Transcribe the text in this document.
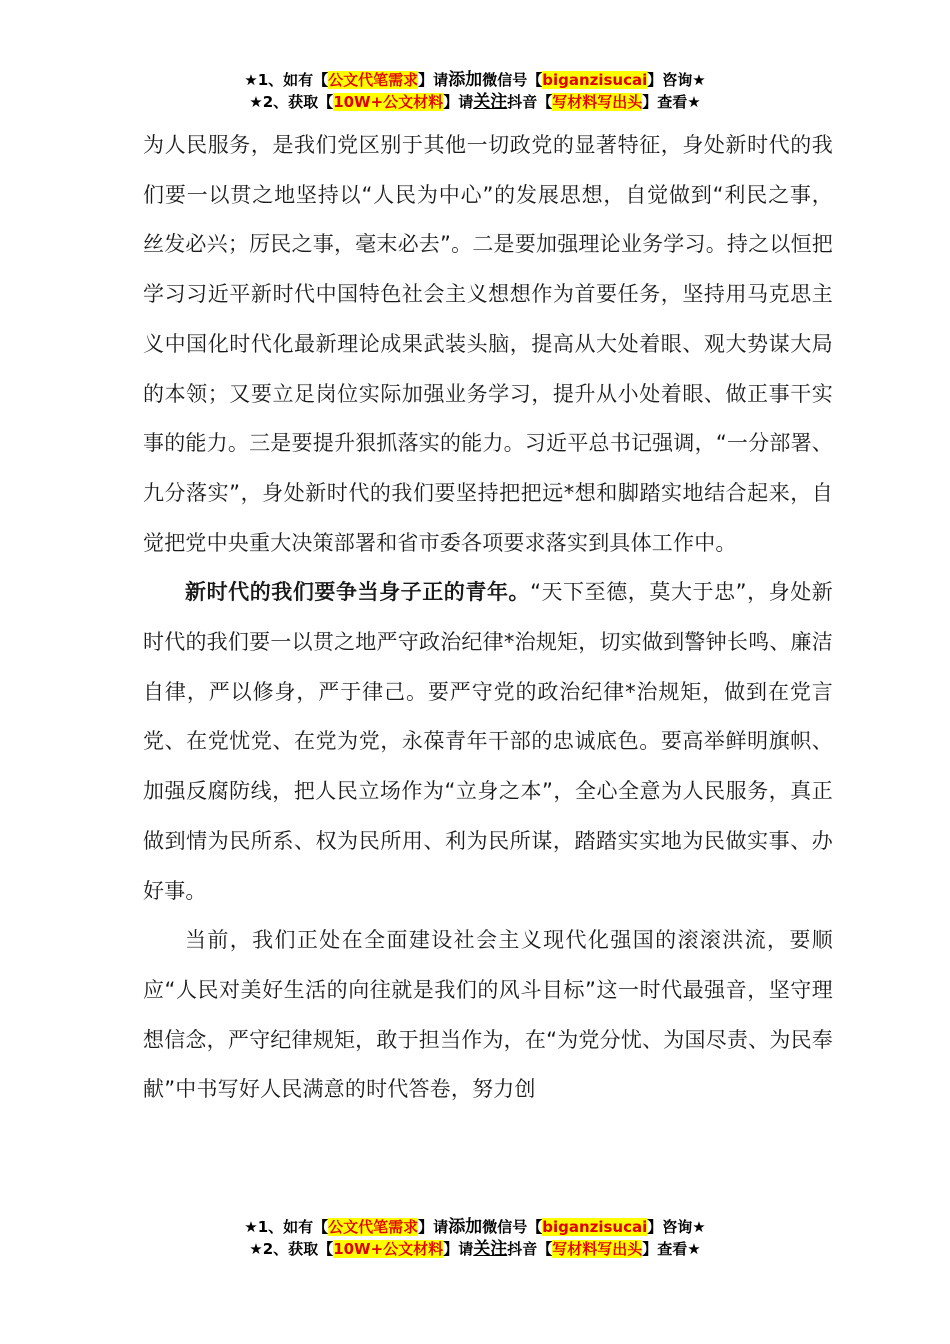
★1、如有【公文代笔需求】请添加微信号【biganzisucai】咨询★
★2、获取【10W+公文材料】请关注抖音【写材料写出头】查看★

为人民服务，是我们党区别于其他一切政党的显著特征，身处新时代的我们要一以贯之地坚持以“人民为中心”的发展思想，自觉做到“利民之事，丝发必兴；厉民之事，毫末必去”。二是要加强理论业务学习。持之以恒把学习习近平新时代中国特色社会主义想想作为首要任务，坚持用马克思主义中国化时代化最新理论成果武装头脑，提高从大处着眼、观大势谋大局的本领；又要立足岗位实际加强业务学习，提升从小处着眼、做正事干实事的能力。三是要提升狠抓落实的能力。习近平总书记强调，“一分部署、九分落实”，身处新时代的我们要坚持把把远*想和脚踏实地结合起来，自觉把党中央重大决策部署和省市委各项要求落实到具体工作中。

新时代的我们要争当身子正的青年。“天下至德，莫大于忠”，身处新时代的我们要一以贯之地严守政治纪律*治规矩，切实做到警钟长鸣、廉洁自律，严以修身，严于律己。要严守党的政治纪律*治规矩，做到在党言党、在党忧党、在党为党，永葆青年干部的忠诚底色。要高举鲜明旗帜、加强反腐防线，把人民立场作为“立身之本”，全心全意为人民服务，真正做到情为民所系、权为民所用、利为民所谋，踏踏实实地为民做实事、办好事。

当前，我们正处在全面建设社会主义现代化强国的滚滚洪流，要顺应“人民对美好生活的向往就是我们的风斗目标”这一时代最强音，坚守理想信念，严守纪律规矩，敢于担当作为，在“为党分忧、为国尽责、为民奉献”中书写好人民满意的时代答卷，努力创

★1、如有【公文代笔需求】请添加微信号【biganzisucai】咨询★
★2、获取【10W+公文材料】请关注抖音【写材料写出头】查看★
